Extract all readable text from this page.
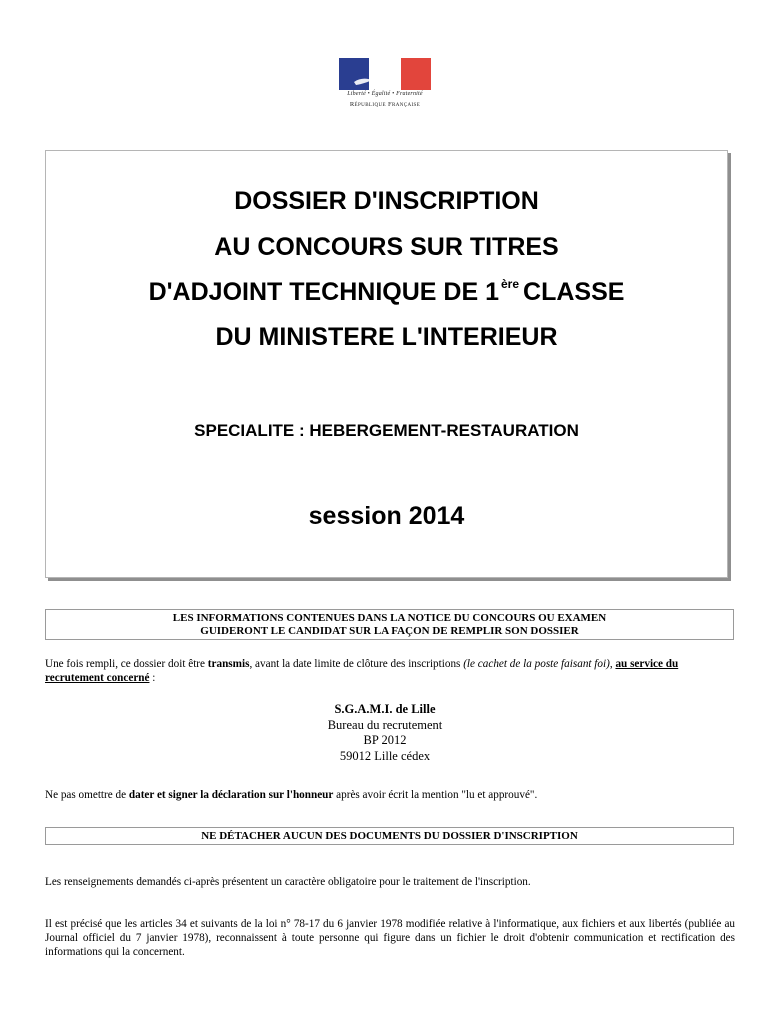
Liberté • Égalité • Fraternité
République Française
DOSSIER D'INSCRIPTION
AU CONCOURS SUR TITRES
D'ADJOINT TECHNIQUE DE 1 $^{ère}$ CLASSE
DU MINISTERE L'INTERIEUR
SPECIALITE : HEBERGEMENT-RESTAURATION
session 2014
LES INFORMATIONS CONTENUES DANS LA NOTICE DU CONCOURS OU EXAMEN
GUIDERONT LE CANDIDAT SUR LA FAÇON DE REMPLIR SON DOSSIER
Une fois rempli, ce dossier doit être transmis, avant la date limite de clôture des inscriptions (le cachet de la poste faisant foi), au service du recrutement concerné :
S.G.A.M.I. de Lille
Bureau du recrutement
BP 2012
59012 Lille cédex
Ne pas omettre de dater et signer la déclaration sur l'honneur après avoir écrit la mention "lu et approuvé".
NE DÉTACHER AUCUN DES DOCUMENTS DU DOSSIER D'INSCRIPTION
Les renseignements demandés ci-après présentent un caractère obligatoire pour le traitement de l'inscription.
Il est précisé que les articles 34 et suivants de la loi n° 78-17 du 6 janvier 1978 modifiée relative à l'informatique, aux fichiers et aux libertés (publiée au Journal officiel du 7 janvier 1978), reconnaissent à toute personne qui figure dans un fichier le droit d'obtenir communication et rectification des informations qui la concernent.
